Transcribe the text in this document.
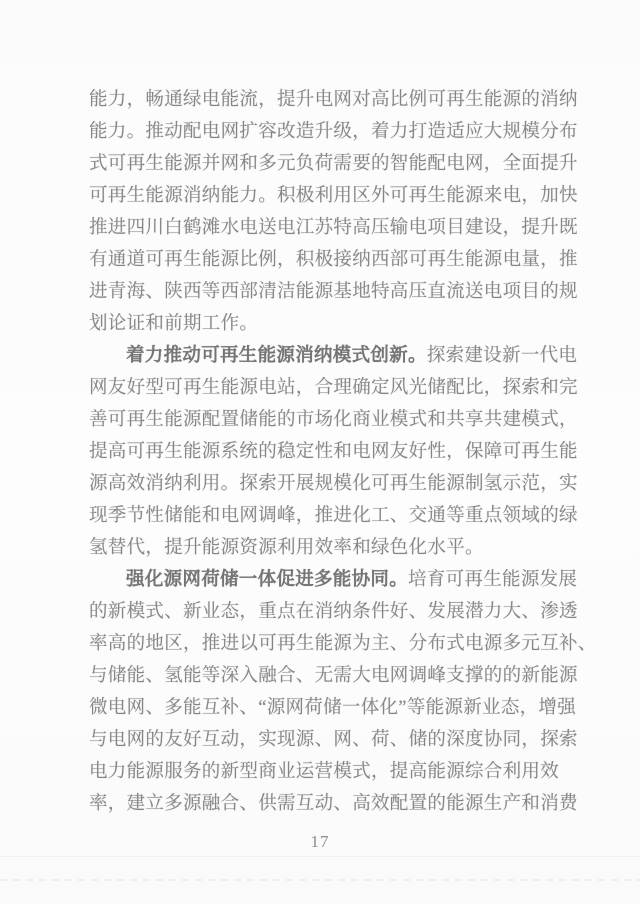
能力，畅通绿电能流，提升电网对高比例可再生能源的消纳
能力。推动配电网扩容改造升级，着力打造适应大规模分布
式可再生能源并网和多元负荷需要的智能配电网，全面提升
可再生能源消纳能力。积极利用区外可再生能源来电，加快
推进四川白鹤滩水电送电江苏特高压输电项目建设，提升既
有通道可再生能源比例，积极接纳西部可再生能源电量，推
进青海、陕西等西部清洁能源基地特高压直流送电项目的规
划论证和前期工作。
着力推动可再生能源消纳模式创新。探索建设新一代电
网友好型可再生能源电站，合理确定风光储配比，探索和完
善可再生能源配置储能的市场化商业模式和共享共建模式，
提高可再生能源系统的稳定性和电网友好性，保障可再生能
源高效消纳利用。探索开展规模化可再生能源制氢示范，实
现季节性储能和电网调峰，推进化工、交通等重点领域的绿
氢替代，提升能源资源利用效率和绿色化水平。
强化源网荷储一体促进多能协同。培育可再生能源发展
的新模式、新业态，重点在消纳条件好、发展潜力大、渗透
率高的地区，推进以可再生能源为主、分布式电源多元互补、
与储能、氢能等深入融合、无需大电网调峰支撑的的新能源
微电网、多能互补、“源网荷储一体化”等能源新业态，增强
与电网的友好互动，实现源、网、荷、储的深度协同，探索
电力能源服务的新型商业运营模式，提高能源综合利用效
率，建立多源融合、供需互动、高效配置的能源生产和消费
17
